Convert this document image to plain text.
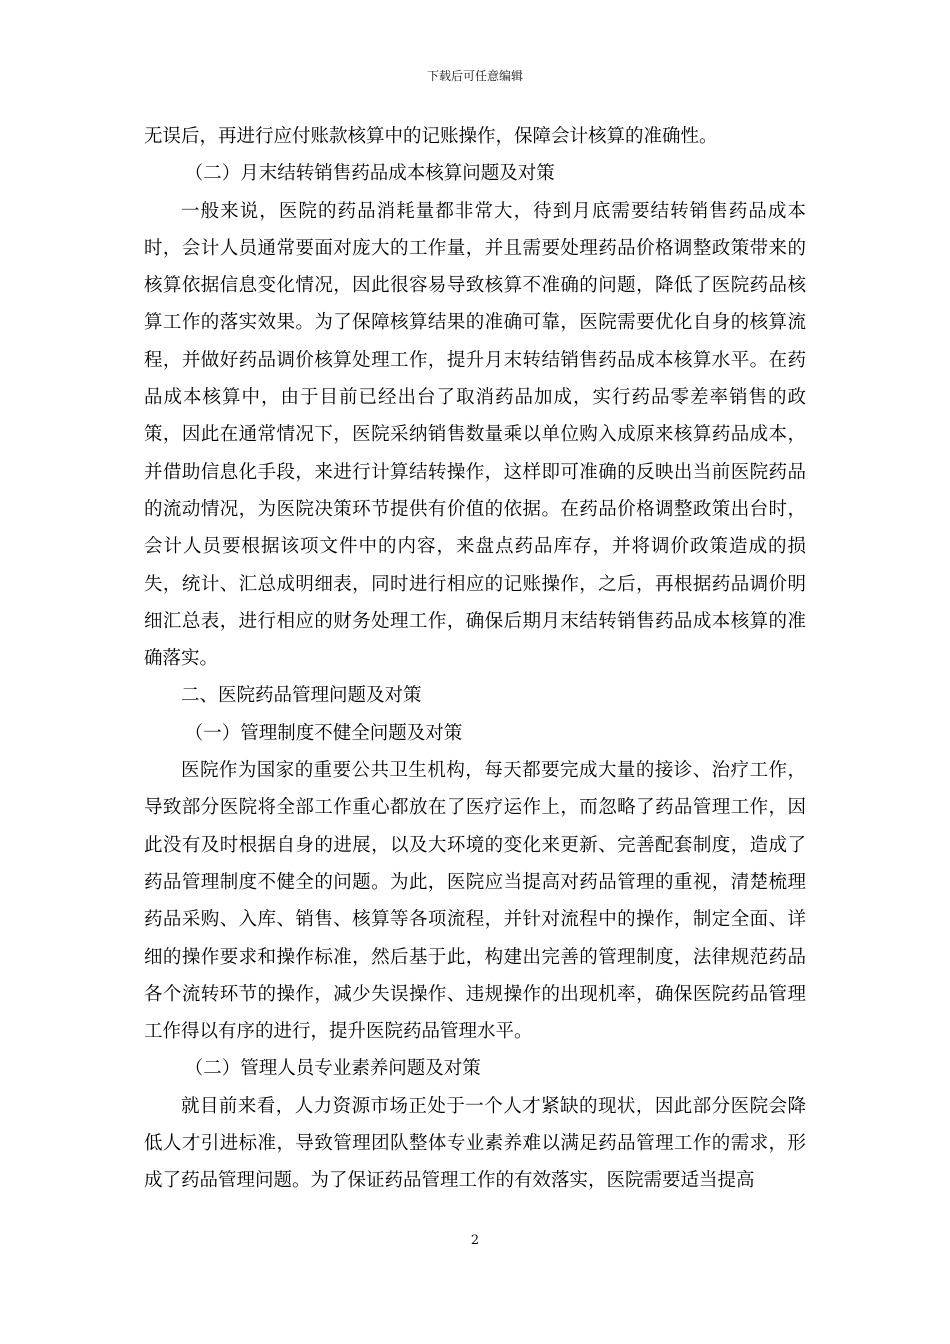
下载后可任意编辑

无误后，再进行应付账款核算中的记账操作，保障会计核算的准确性。

（二）月末结转销售药品成本核算问题及对策

一般来说，医院的药品消耗量都非常大，待到月底需要结转销售药品成本时，会计人员通常要面对庞大的工作量，并且需要处理药品价格调整政策带来的核算依据信息变化情况，因此很容易导致核算不准确的问题，降低了医院药品核算工作的落实效果。为了保障核算结果的准确可靠，医院需要优化自身的核算流程，并做好药品调价核算处理工作，提升月末转结销售药品成本核算水平。在药品成本核算中，由于目前已经出台了取消药品加成，实行药品零差率销售的政策，因此在通常情况下，医院采纳销售数量乘以单位购入成原来核算药品成本，并借助信息化手段，来进行计算结转操作，这样即可准确的反映出当前医院药品的流动情况，为医院决策环节提供有价值的依据。在药品价格调整政策出台时，会计人员要根据该项文件中的内容，来盘点药品库存，并将调价政策造成的损失，统计、汇总成明细表，同时进行相应的记账操作，之后，再根据药品调价明细汇总表，进行相应的财务处理工作，确保后期月末结转销售药品成本核算的准确落实。

二、医院药品管理问题及对策

（一）管理制度不健全问题及对策

医院作为国家的重要公共卫生机构，每天都要完成大量的接诊、治疗工作，导致部分医院将全部工作重心都放在了医疗运作上，而忽略了药品管理工作，因此没有及时根据自身的进展，以及大环境的变化来更新、完善配套制度，造成了药品管理制度不健全的问题。为此，医院应当提高对药品管理的重视，清楚梳理药品采购、入库、销售、核算等各项流程，并针对流程中的操作，制定全面、详细的操作要求和操作标准，然后基于此，构建出完善的管理制度，法律规范药品各个流转环节的操作，减少失误操作、违规操作的出现机率，确保医院药品管理工作得以有序的进行，提升医院药品管理水平。

（二）管理人员专业素养问题及对策

就目前来看，人力资源市场正处于一个人才紧缺的现状，因此部分医院会降低人才引进标准，导致管理团队整体专业素养难以满足药品管理工作的需求，形成了药品管理问题。为了保证药品管理工作的有效落实，医院需要适当提高

2
